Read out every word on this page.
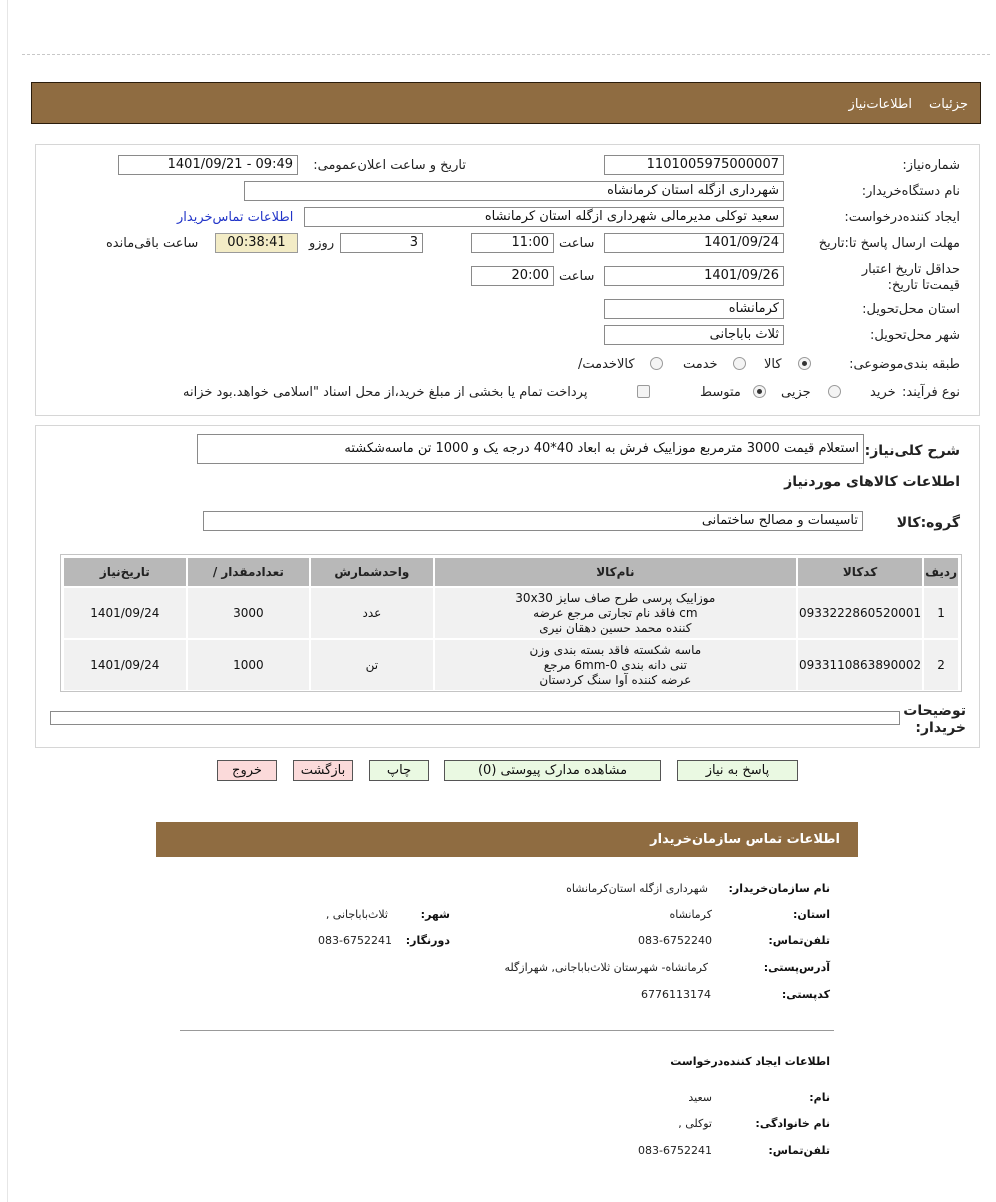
جزئیات
اطلاعات‌نیاز
شماره‌نیاز:
1101005975000007
تاریخ و ساعت اعلان‌عمومی:
1401/09/21 - 09:49
نام دستگاه‌خریدار:
شهرداری ازگله استان کرمانشاه
ایجاد کننده‌درخواست:
سعید توکلی مدیرمالی شهرداری ازگله استان کرمانشاه
اطلاعات تماس‌خریدار
مهلت ارسال پاسخ تا:تاریخ
1401/09/24
ساعت
11:00
3
روزو
00:38:41
ساعت باقی‌مانده
حداقل تاریخ اعتبار قیمت‌تا تاریخ:
1401/09/26
ساعت
20:00
استان محل‌تحویل:
کرمانشاه
شهر محل‌تحویل:
ثلاث باباجانی
طبقه بندی‌موضوعی:
کالا
خدمت
کالا‌خدمت/
نوع فرآیند:
خرید
جزیی
متوسط
پرداخت تمام یا بخشی از مبلغ خرید،از محل اسناد "اسلامی خواهد.بود خزانه
شرح کلی‌نیاز:
استعلام قیمت 3000 مترمربع موزاییک فرش به ابعاد 40*40 درجه یک و 1000 تن ماسه‌شکشته
اطلاعات کالاهای موردنیاز
گروه:کالا
تاسیسات و مصالح ساختمانی
ردیف	کدکالا	نام‌کالا	واحدشمارش	تعدادمقدار /	تاریخ‌نیاز
1	0933222860520001	موزاییک پرسی طرح صاف سایز 30x30
cm فاقد نام تجارتی مرجع عرضه
کننده محمد حسین دهقان نیری	عدد	3000	1401/09/24
2	0933110863890002	ماسه شکسته فاقد بسته بندی وزن
تنی دانه بندی 0-6mm مرجع
عرضه کننده آوا سنگ کردستان	تن	1000	1401/09/24
توضیحات خریدار:
پاسخ به نیاز
مشاهده مدارک پیوستی (0)
چاپ
بازگشت
خروج
اطلاعات تماس سازمان‌خریدار
نام سازمان‌خریدار:
شهرداری ازگله استان‌کرمانشاه
استان:
کرمانشاه
شهر:
ثلاث‌باباجانی ,
تلفن‌تماس:
083-6752240
دورنگار:
083-6752241
آدرس‌پستی:
کرمانشاه- شهرستان ثلاث‌باباجانی, شهرازگله
کد‌پستی:
6776113174
اطلاعات ایجاد کننده‌درخواست
نام:
سعید
نام خانوادگی:
توکلی ,
تلفن‌تماس:
083-6752241
